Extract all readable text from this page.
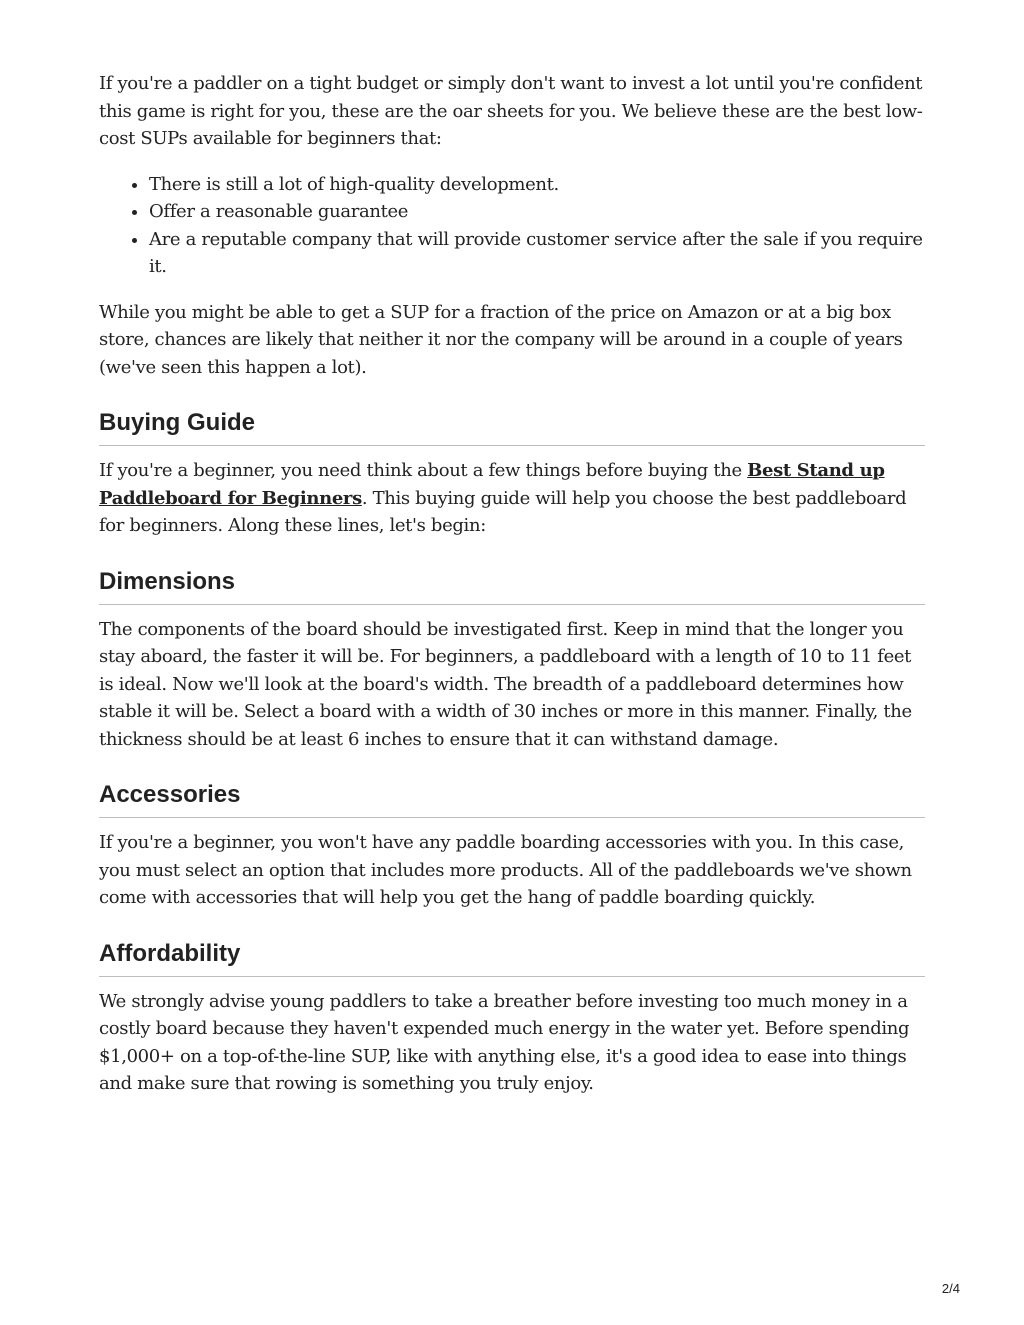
If you're a paddler on a tight budget or simply don't want to invest a lot until you're confident this game is right for you, these are the oar sheets for you. We believe these are the best low-cost SUPs available for beginners that:

• There is still a lot of high-quality development.
• Offer a reasonable guarantee
• Are a reputable company that will provide customer service after the sale if you require it.

While you might be able to get a SUP for a fraction of the price on Amazon or at a big box store, chances are likely that neither it nor the company will be around in a couple of years (we've seen this happen a lot).

Buying Guide

If you're a beginner, you need think about a few things before buying the Best Stand up Paddleboard for Beginners. This buying guide will help you choose the best paddleboard for beginners. Along these lines, let's begin:

Dimensions

The components of the board should be investigated first. Keep in mind that the longer you stay aboard, the faster it will be. For beginners, a paddleboard with a length of 10 to 11 feet is ideal. Now we'll look at the board's width. The breadth of a paddleboard determines how stable it will be. Select a board with a width of 30 inches or more in this manner. Finally, the thickness should be at least 6 inches to ensure that it can withstand damage.

Accessories

If you're a beginner, you won't have any paddle boarding accessories with you. In this case, you must select an option that includes more products. All of the paddleboards we've shown come with accessories that will help you get the hang of paddle boarding quickly.

Affordability

We strongly advise young paddlers to take a breather before investing too much money in a costly board because they haven't expended much energy in the water yet. Before spending $1,000+ on a top-of-the-line SUP, like with anything else, it's a good idea to ease into things and make sure that rowing is something you truly enjoy.

2/4
